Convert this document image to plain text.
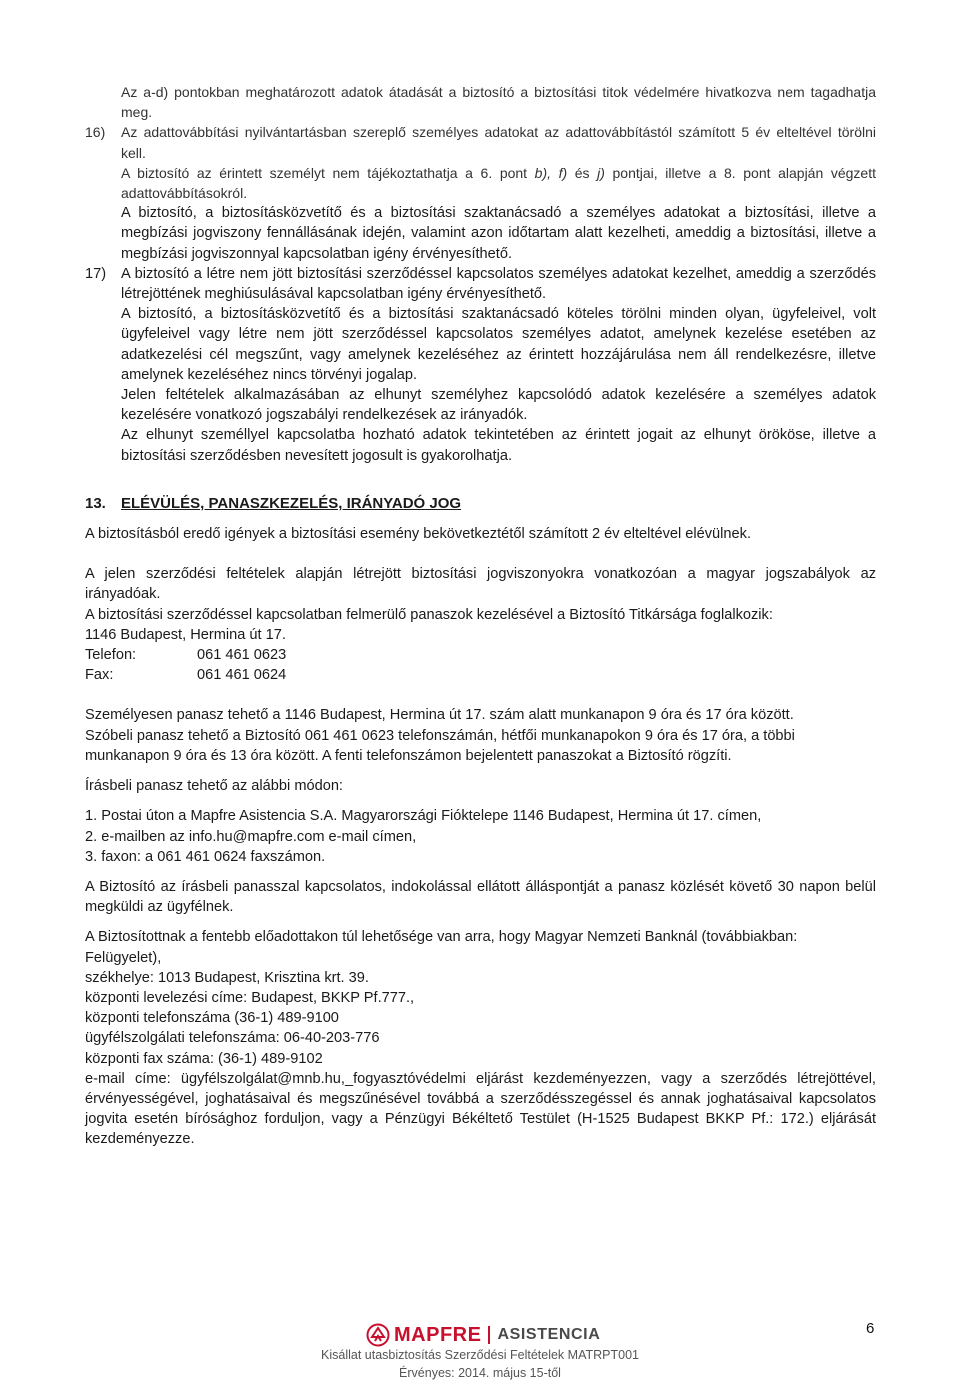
Az a-d) pontokban meghatározott adatok átadását a biztosító a biztosítási titok védelmére hivatkozva nem tagadhatja meg.

16) Az adattovábbítási nyilvántartásban szereplő személyes adatokat az adattovábbítástól számított 5 év elteltével törölni kell.

A biztosító az érintett személyt nem tájékoztathatja a 6. pont b), f) és j) pontjai, illetve a 8. pont alapján végzett adattovábbításokról.

A biztosító, a biztosításközvetítő és a biztosítási szaktanácsadó a személyes adatokat a biztosítási, illetve a megbízási jogviszony fennállásának idején, valamint azon időtartam alatt kezelheti, ameddig a biztosítási, illetve a megbízási jogviszonnyal kapcsolatban igény érvényesíthető.

17) A biztosító a létre nem jött biztosítási szerződéssel kapcsolatos személyes adatokat kezelhet, ameddig a szerződés létrejöttének meghiúsulásával kapcsolatban igény érvényesíthető.

A biztosító, a biztosításközvetítő és a biztosítási szaktanácsadó köteles törölni minden olyan, ügyfeleivel, volt ügyfeleivel vagy létre nem jött szerződéssel kapcsolatos személyes adatot, amelynek kezelése esetében az adatkezelési cél megszűnt, vagy amelynek kezeléséhez az érintett hozzájárulása nem áll rendelkezésre, illetve amelynek kezeléséhez nincs törvényi jogalap.

Jelen feltételek alkalmazásában az elhunyt személyhez kapcsolódó adatok kezelésére a személyes adatok kezelésére vonatkozó jogszabályi rendelkezések az irányadók.

Az elhunyt személlyel kapcsolatba hozható adatok tekintetében az érintett jogait az elhunyt örököse, illetve a biztosítási szerződésben nevesített jogosult is gyakorolhatja.

13. ELÉVÜLÉS, PANASZKEZELÉS, IRÁNYADÓ JOG

A biztosításból eredő igények a biztosítási esemény bekövetkeztétől számított 2 év elteltével elévülnek.

A jelen szerződési feltételek alapján létrejött biztosítási jogviszonyokra vonatkozóan a magyar jogszabályok az irányadóak.

A biztosítási szerződéssel kapcsolatban felmerülő panaszok kezelésével a Biztosító Titkársága foglalkozik:

1146 Budapest, Hermina út 17.

Telefon:	061 461 0623
Fax:	061 461 0624

Személyesen panasz tehető a 1146 Budapest, Hermina út 17. szám alatt munkanapon 9 óra és 17 óra között.

Szóbeli panasz tehető a Biztosító 061 461 0623 telefonszámán, hétfői munkanapokon 9 óra és 17 óra, a többi munkanapon 9 óra és 13 óra között. A fenti telefonszámon bejelentett panaszokat a Biztosító rögzíti.

Írásbeli panasz tehető az alábbi módon:

1. Postai úton a Mapfre Asistencia S.A. Magyarországi Fióktelepe 1146 Budapest, Hermina út 17. címen,

2. e-mailben az info.hu@mapfre.com e-mail címen,

3. faxon: a 061 461 0624 faxszámon.

A Biztosító az írásbeli panasszal kapcsolatos, indokolással ellátott álláspontját a panasz közlését követő 30 napon belül megküldi az ügyfélnek.

A Biztosítottnak a fentebb előadottakon túl lehetősége van arra, hogy Magyar Nemzeti Banknál (továbbiakban: Felügyelet),

székhelye: 1013 Budapest, Krisztina krt. 39.

központi levelezési címe: Budapest, BKKP Pf.777.,

központi telefonszáma (36-1) 489-9100

ügyfélszolgálati telefonszáma: 06-40-203-776

központi fax száma: (36-1) 489-9102

e-mail címe: ügyfélszolgálat@mnb.hu,_fogyasztóvédelmi eljárást kezdeményezzen, vagy a szerződés létrejöttével, érvényességével, joghatásaival és megszűnésével továbbá a szerződésszegéssel és annak joghatásaival kapcsolatos jogvita esetén bírósághoz forduljon, vagy a Pénzügyi Békéltető Testület (H-1525 Budapest BKKP Pf.: 172.) eljárását kezdeményezze.

MAPFRE ASISTENCIA	6
Kisállat utasbiztosítás Szerződési Feltételek MATRPT001
Érvényes: 2014. május 15-től
